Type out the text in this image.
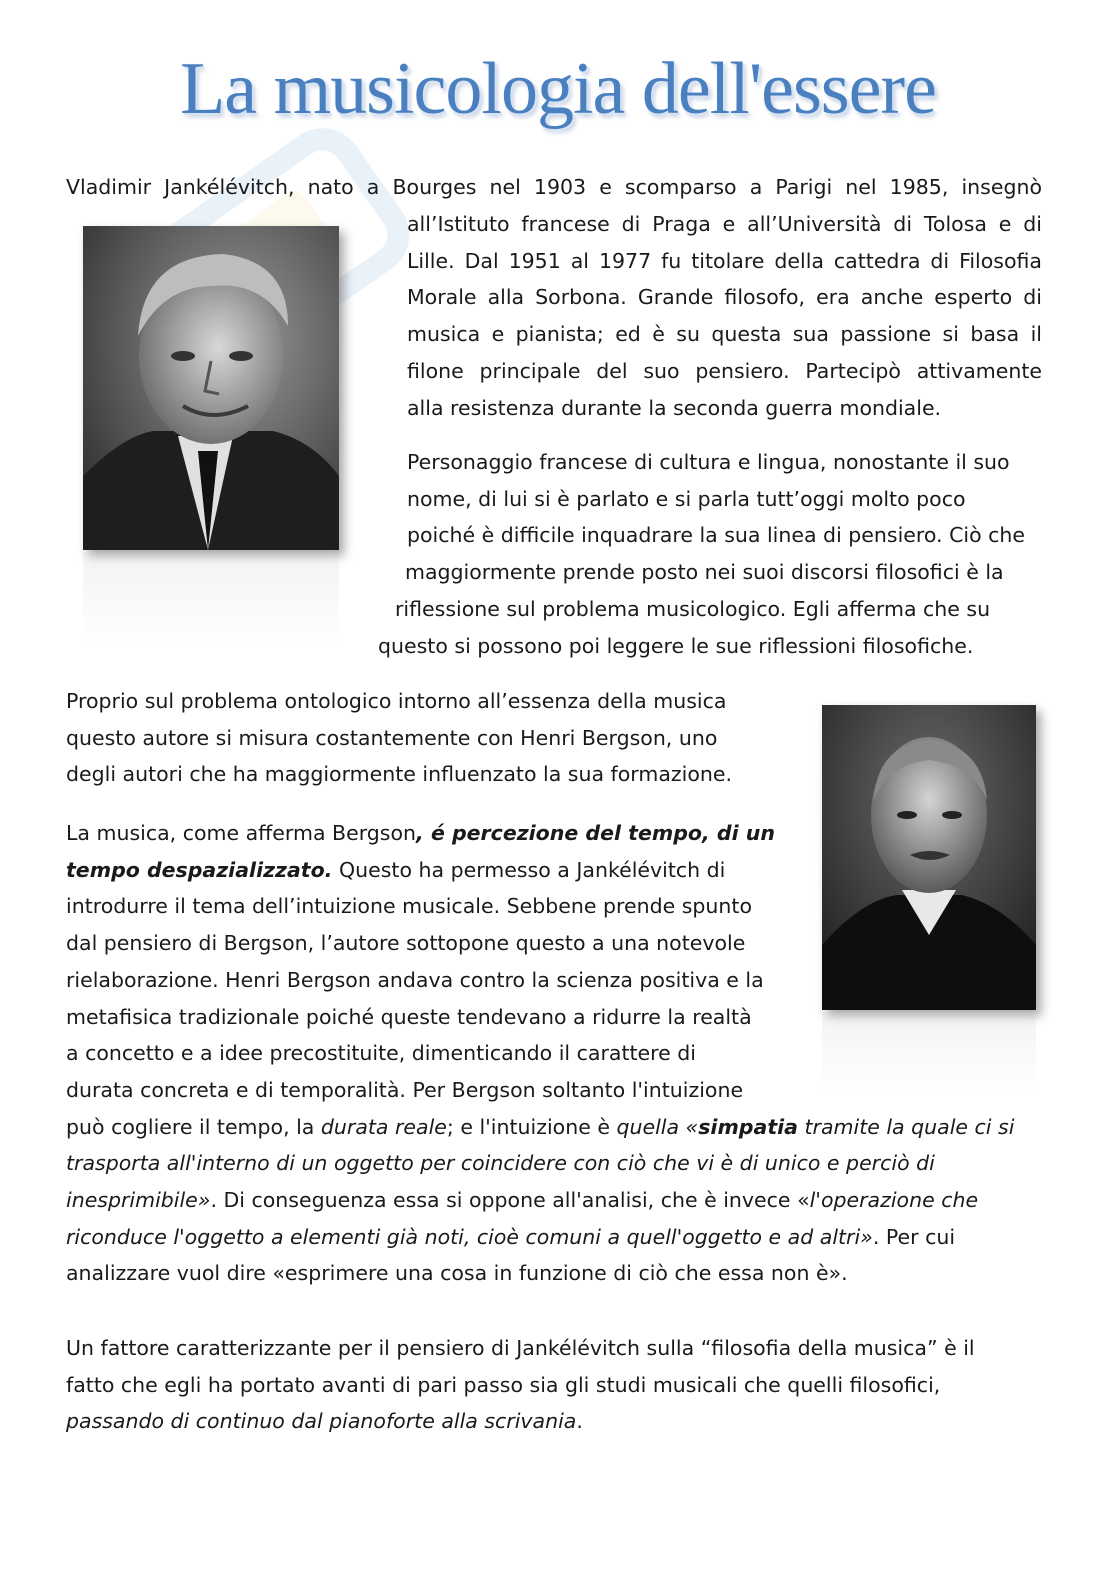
La musicologia dell'essere
Vladimir Jankélévitch, nato a Bourges nel 1903 e scomparso a Parigi nel 1985, insegnò
all’Istituto francese di Praga e all’Università di Tolosa e di
Lille. Dal 1951 al 1977 fu titolare della cattedra di Filosofia
Morale alla Sorbona. Grande filosofo, era anche esperto di
musica e pianista; ed è su questa sua passione si basa il
filone principale del suo pensiero. Partecipò attivamente
alla resistenza durante la seconda guerra mondiale.
Personaggio francese di cultura e lingua, nonostante il suo
nome, di lui si è parlato e si parla tutt’oggi molto poco
poiché è difficile inquadrare la sua linea di pensiero. Ciò che
maggiormente prende posto nei suoi discorsi filosofici è la
riflessione sul problema musicologico. Egli afferma che su
questo si possono poi leggere le sue riflessioni filosofiche.
Proprio sul problema ontologico intorno all’essenza della musica
questo autore si misura costantemente con Henri Bergson, uno
degli autori che ha maggiormente influenzato la sua formazione.
La musica, come afferma Bergson, é percezione del tempo, di un
tempo despazializzato. Questo ha permesso a Jankélévitch di
introdurre il tema dell’intuizione musicale. Sebbene prende spunto
dal pensiero di Bergson, l’autore sottopone questo a una notevole
rielaborazione. Henri Bergson andava contro la scienza positiva e la
metafisica tradizionale poiché queste tendevano a ridurre la realtà
a concetto e a idee precostituite, dimenticando il carattere di
durata concreta e di temporalità. Per Bergson soltanto l'intuizione
può cogliere il tempo, la durata reale; e l'intuizione è quella «simpatia tramite la quale ci si
trasporta all'interno di un oggetto per coincidere con ciò che vi è di unico e perciò di
inesprimibile». Di conseguenza essa si oppone all'analisi, che è invece «l'operazione che
riconduce l'oggetto a elementi già noti, cioè comuni a quell'oggetto e ad altri». Per cui
analizzare vuol dire «esprimere una cosa in funzione di ciò che essa non è».
Un fattore caratterizzante per il pensiero di Jankélévitch sulla “filosofia della musica” è il
fatto che egli ha portato avanti di pari passo sia gli studi musicali che quelli filosofici,
passando di continuo dal pianoforte alla scrivania.
